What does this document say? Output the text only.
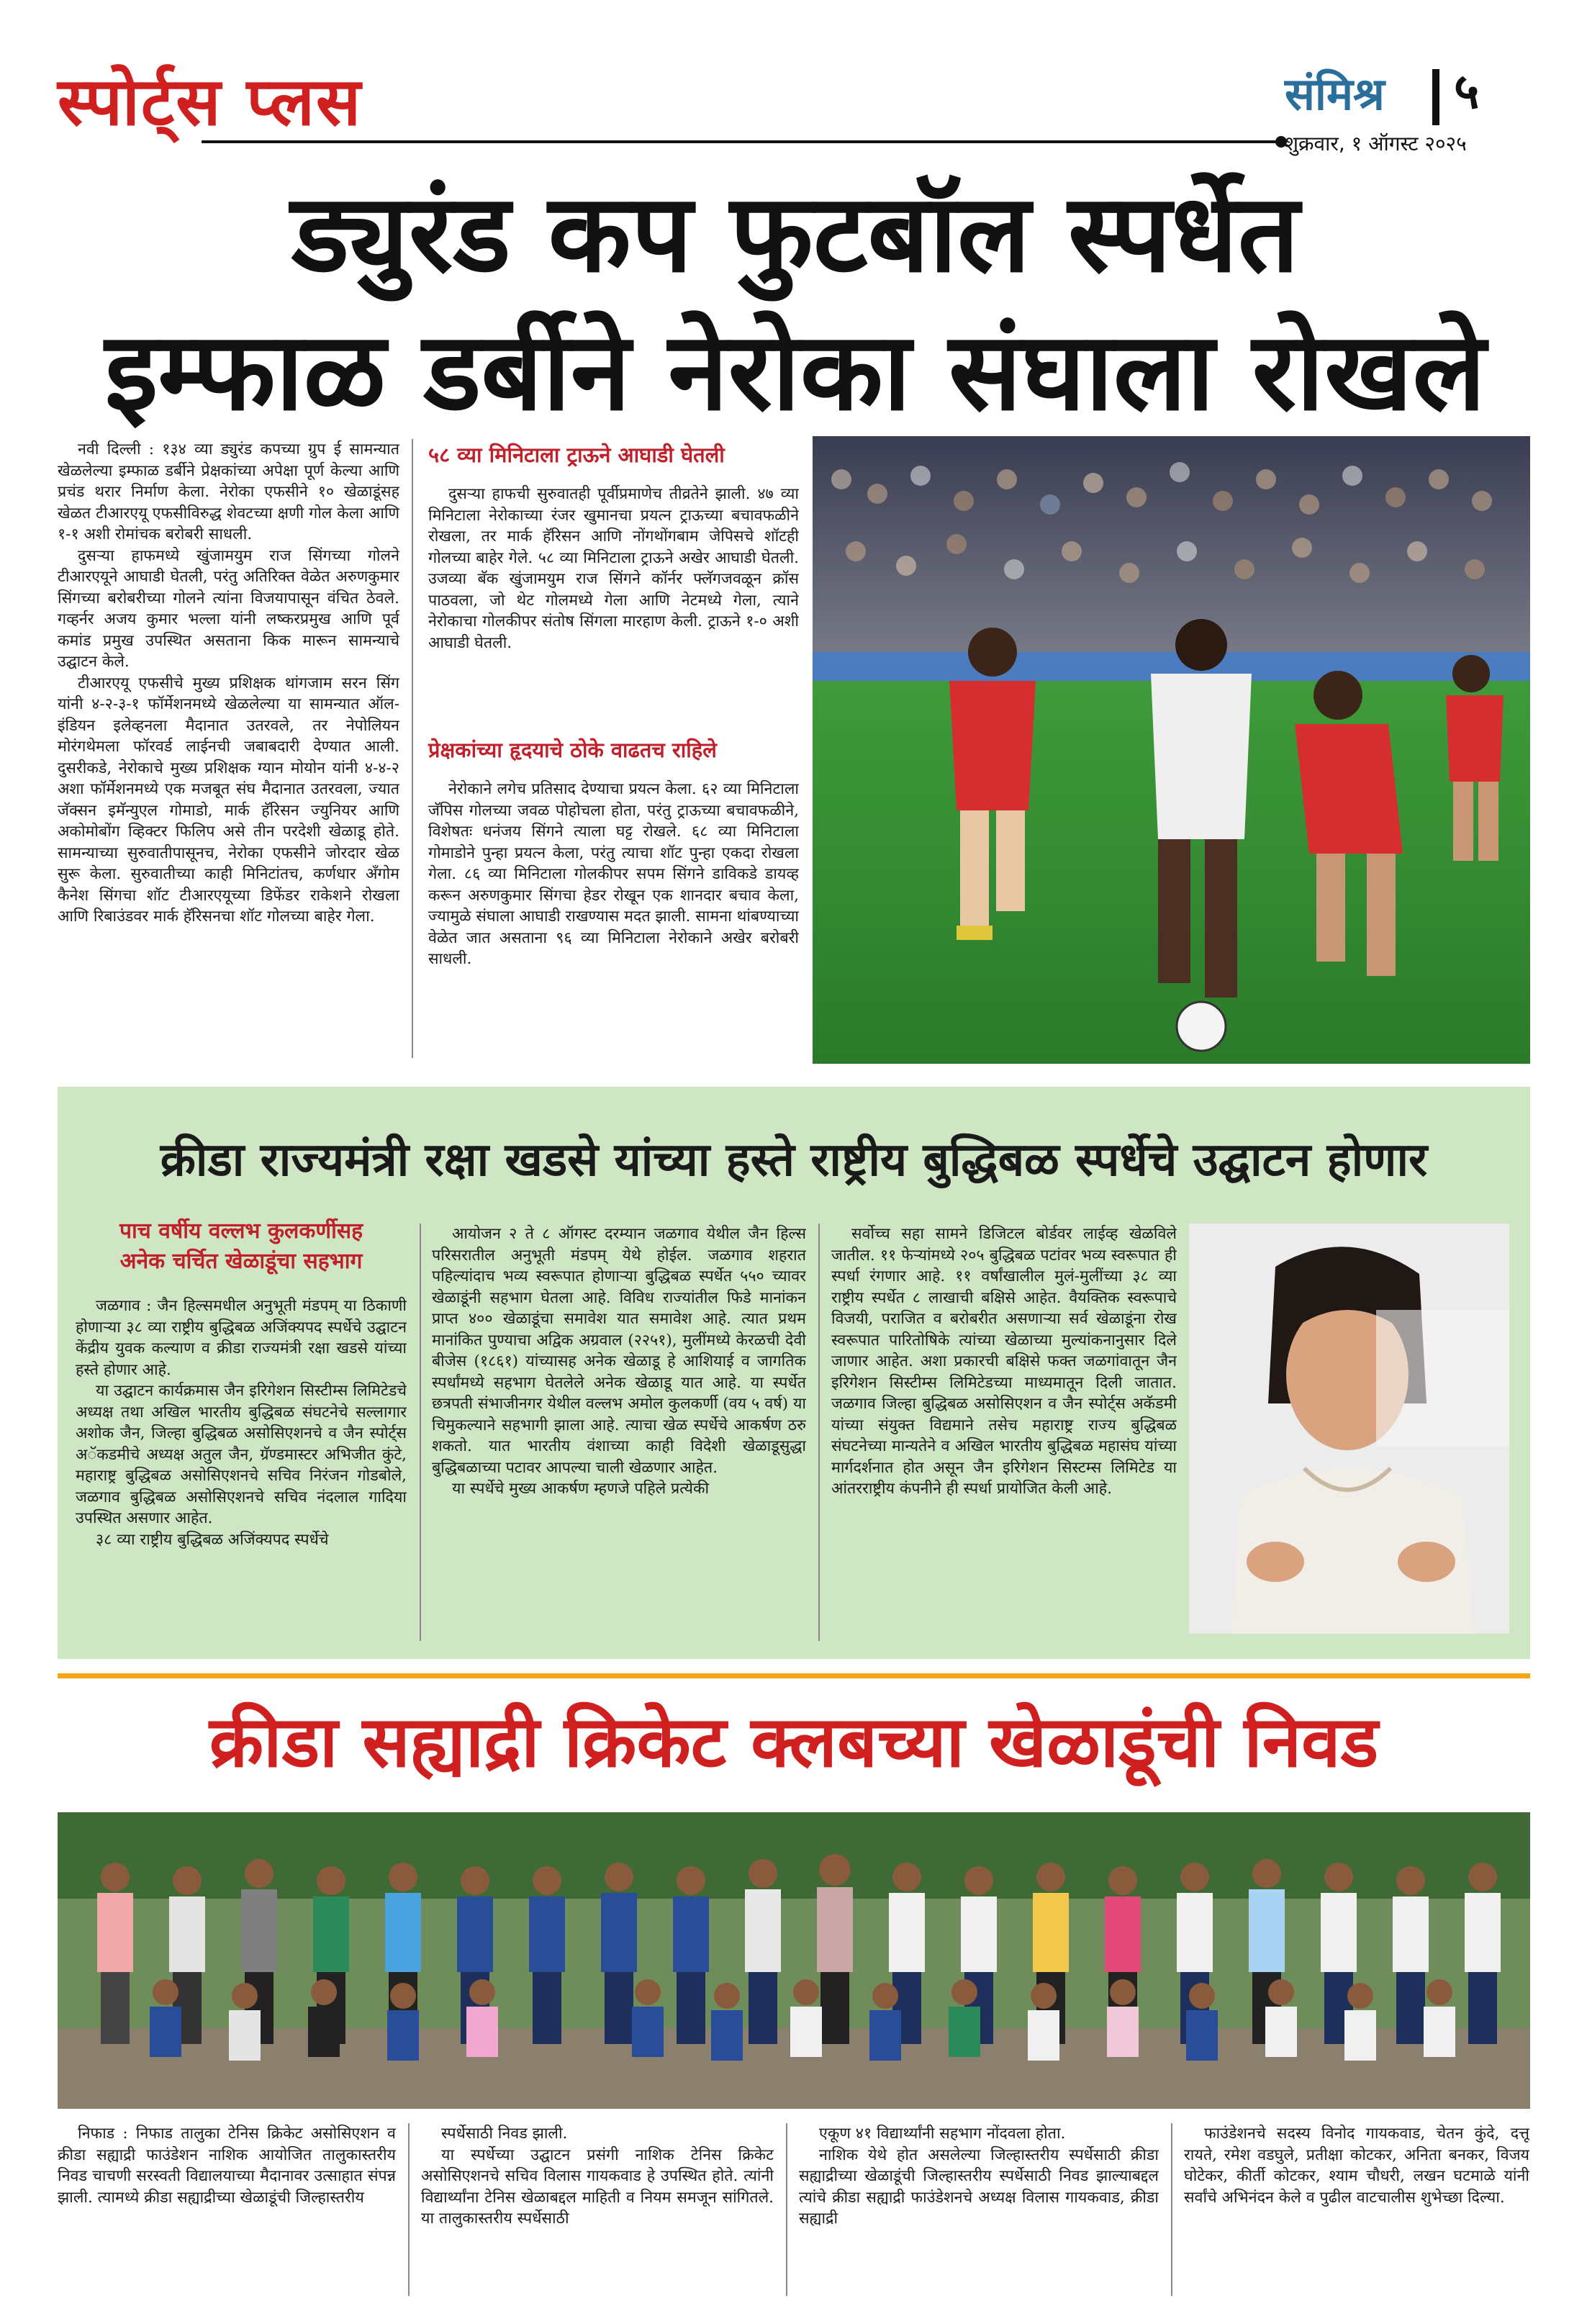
स्पोर्ट्स प्लस	संमिश्र ५
शुक्रवार, १ ऑगस्ट २०२५
ड्युरंड कप फुटबॉल स्पर्धेत
इम्फाळ डर्बीने नेरोका संघाला रोखले

नवी दिल्ली : १३४ व्या ड्युरंड कपच्या ग्रुप ई सामन्यात खेळलेल्या इम्फाळ डर्बीने प्रेक्षकांच्या अपेक्षा पूर्ण केल्या आणि प्रचंड थरार निर्माण केला. नेरोका एफसीने १० खेळाडूंसह खेळत टीआरएयू एफसीविरुद्ध शेवटच्या क्षणी गोल केला आणि १-१ अशी रोमांचक बरोबरी साधली.

दुसऱ्या हाफमध्ये खुंजामयुम राज सिंगच्या गोलने टीआरएयूने आघाडी घेतली, परंतु अतिरिक्त वेळेत अरुणकुमार सिंगच्या बरोबरीच्या गोलने त्यांना विजयापासून वंचित ठेवले. गव्हर्नर अजय कुमार भल्ला यांनी लष्करप्रमुख आणि पूर्व कमांड प्रमुख उपस्थित असताना किक मारून सामन्याचे उद्घाटन केले.

टीआरएयू एफसीचे मुख्य प्रशिक्षक थांगजाम सरन सिंग यांनी ४-२-३-१ फॉर्मेशनमध्ये खेळलेल्या या सामन्यात ऑल-इंडियन इलेव्हनला मैदानात उतरवले, तर नेपोलियन मोरंगथेमला फॉरवर्ड लाईनची जबाबदारी देण्यात आली. दुसरीकडे, नेरोकाचे मुख्य प्रशिक्षक ग्यान मोयोन यांनी ४-४-२ अशा फॉर्मेशनमध्ये एक मजबूत संघ मैदानात उतरवला, ज्यात जॅक्सन इमॅन्युएल गोमाडो, मार्क हॅरिसन ज्युनियर आणि अकोमोबोंग व्हिक्टर फिलिप असे तीन परदेशी खेळाडू होते. सामन्याच्या सुरुवातीपासूनच, नेरोका एफसीने जोरदार खेळ सुरू केला. सुरुवातीच्या काही मिनिटांतच, कर्णधार अँगोम कैनेश सिंगचा शॉट टीआरएयूच्या डिफेंडर राकेशने रोखला आणि रिबाउंडवर मार्क हॅरिसनचा शॉट गोलच्या बाहेर गेला.

५८ व्या मिनिटाला ट्राऊने आघाडी घेतली

दुसऱ्या हाफची सुरुवातही पूर्वीप्रमाणेच तीव्रतेने झाली. ४७ व्या मिनिटाला नेरोकाच्या रंजर खुमानचा प्रयत्न ट्राऊच्या बचावफळीने रोखला, तर मार्क हॅरिसन आणि नोंगथोंगबाम जेपिसचे शॉटही गोलच्या बाहेर गेले. ५८ व्या मिनिटाला ट्राऊने अखेर आघाडी घेतली. उजव्या बॅक खुंजामयुम राज सिंगने कॉर्नर फ्लॅगजवळून क्रॉस पाठवला, जो थेट गोलमध्ये गेला आणि नेटमध्ये गेला, त्याने नेरोकाचा गोलकीपर संतोष सिंगला मारहाण केली. ट्राऊने १-० अशी आघाडी घेतली.

प्रेक्षकांच्या हृदयाचे ठोके वाढतच राहिले

नेरोकाने लगेच प्रतिसाद देण्याचा प्रयत्न केला. ६२ व्या मिनिटाला जॅपिस गोलच्या जवळ पोहोचला होता, परंतु ट्राऊच्या बचावफळीने, विशेषतः धनंजय सिंगने त्याला घट्ट रोखले. ६८ व्या मिनिटाला गोमाडोने पुन्हा प्रयत्न केला, परंतु त्याचा शॉट पुन्हा एकदा रोखला गेला. ८६ व्या मिनिटाला गोलकीपर सपम सिंगने डाविकडे डायव्ह करून अरुणकुमार सिंगचा हेडर रोखून एक शानदार बचाव केला, ज्यामुळे संघाला आघाडी राखण्यास मदत झाली. सामना थांबण्याच्या वेळेत जात असताना ९६ व्या मिनिटाला नेरोकाने अखेर बरोबरी साधली.

क्रीडा राज्यमंत्री रक्षा खडसे यांच्या हस्ते राष्ट्रीय बुद्धिबळ स्पर्धेचे उद्घाटन होणार
पाच वर्षीय वल्लभ कुलकर्णीसह
अनेक चर्चित खेळाडूंचा सहभाग

जळगाव : जैन हिल्समधील अनुभूती मंडपम् या ठिकाणी होणाऱ्या ३८ व्या राष्ट्रीय बुद्धिबळ अजिंक्यपद स्पर्धेचे उद्घाटन केंद्रीय युवक कल्याण व क्रीडा राज्यमंत्री रक्षा खडसे यांच्या हस्ते होणार आहे.

या उद्घाटन कार्यक्रमास जैन इरिगेशन सिस्टीम्स लिमिटेडचे अध्यक्ष तथा अखिल भारतीय बुद्धिबळ संघटनेचे सल्लागार अशोक जैन, जिल्हा बुद्धिबळ असोसिएशनचे व जैन स्पोर्ट्स अॅकडमीचे अध्यक्ष अतुल जैन, ग्रॅण्डमास्टर अभिजीत कुंटे, महाराष्ट्र बुद्धिबळ असोसिएशनचे सचिव निरंजन गोडबोले, जळगाव बुद्धिबळ असोसिएशनचे सचिव नंदलाल गादिया उपस्थित असणार आहेत.

३८ व्या राष्ट्रीय बुद्धिबळ अजिंक्यपद स्पर्धेचे

आयोजन २ ते ८ ऑगस्ट दरम्यान जळगाव येथील जैन हिल्स परिसरातील अनुभूती मंडपम् येथे होईल. जळगाव शहरात पहिल्यांदाच भव्य स्वरूपात होणाऱ्या बुद्धिबळ स्पर्धेत ५५० च्यावर खेळाडूंनी सहभाग घेतला आहे. विविध राज्यांतील फिडे मानांकन प्राप्त ४०० खेळाडूंचा समावेश यात समावेश आहे. त्यात प्रथम मानांकित पुण्याचा अद्विक अग्रवाल (२२५१), मुलींमध्ये केरळची देवी बीजेस (१८६१) यांच्यासह अनेक खेळाडू हे आशियाई व जागतिक स्पर्धांमध्ये सहभाग घेतलेले अनेक खेळाडू यात आहे. या स्पर्धेत छत्रपती संभाजीनगर येथील वल्लभ अमोल कुलकर्णी (वय ५ वर्ष) या चिमुकल्याने सहभागी झाला आहे. त्याचा खेळ स्पर्धेचे आकर्षण ठरु शकतो. यात भारतीय वंशाच्या काही विदेशी खेळाडूसुद्धा बुद्धिबळाच्या पटावर आपल्या चाली खेळणार आहेत.

या स्पर्धेचे मुख्य आकर्षण म्हणजे पहिले प्रत्येकी

सर्वोच्च सहा सामने डिजिटल बोर्डवर लाईव्ह खेळविले जातील. ११ फेऱ्यांमध्ये २०५ बुद्धिबळ पटांवर भव्य स्वरूपात ही स्पर्धा रंगणार आहे. ११ वर्षांखालील मुलं-मुलींच्या ३८ व्या राष्ट्रीय स्पर्धेत ८ लाखाची बक्षिसे आहेत. वैयक्तिक स्वरूपाचे विजयी, पराजित व बरोबरीत असणाऱ्या सर्व खेळाडूंना रोख स्वरूपात पारितोषिके त्यांच्या खेळाच्या मुल्यांकनानुसार दिले जाणार आहेत. अशा प्रकारची बक्षिसे फक्त जळगांवातून जैन इरिगेशन सिस्टीम्स लिमिटेडच्या माध्यमातून दिली जातात. जळगाव जिल्हा बुद्धिबळ असोसिएशन व जैन स्पोर्ट्स अकॅडमी यांच्या संयुक्त विद्यमाने तसेच महाराष्ट्र राज्य बुद्धिबळ संघटनेच्या मान्यतेने व अखिल भारतीय बुद्धिबळ महासंघ यांच्या मार्गदर्शनात होत असून जैन इरिगेशन सिस्टम्स लिमिटेड या आंतरराष्ट्रीय कंपनीने ही स्पर्धा प्रायोजित केली आहे.

क्रीडा सह्याद्री क्रिकेट क्लबच्या खेळाडूंची निवड

निफाड : निफाड तालुका टेनिस क्रिकेट असोसिएशन व क्रीडा सह्याद्री फाउंडेशन नाशिक आयोजित तालुकास्तरीय निवड चाचणी सरस्वती विद्यालयाच्या मैदानावर उत्साहात संपन्न झाली. त्यामध्ये क्रीडा सह्याद्रीच्या खेळाडूंची जिल्हास्तरीय

स्पर्धेसाठी निवड झाली.

या स्पर्धेच्या उद्घाटन प्रसंगी नाशिक टेनिस क्रिकेट असोसिएशनचे सचिव विलास गायकवाड हे उपस्थित होते. त्यांनी विद्यार्थ्यांना टेनिस खेळाबद्दल माहिती व नियम समजून सांगितले. या तालुकास्तरीय स्पर्धेसाठी

एकूण ४१ विद्यार्थ्यांनी सहभाग नोंदवला होता.

नाशिक येथे होत असलेल्या जिल्हास्तरीय स्पर्धेसाठी क्रीडा सह्याद्रीच्या खेळाडूंची जिल्हास्तरीय स्पर्धेसाठी निवड झाल्याबद्दल त्यांचे क्रीडा सह्याद्री फाउंडेशनचे अध्यक्ष विलास गायकवाड, क्रीडा सह्याद्री

फाउंडेशनचे सदस्य विनोद गायकवाड, चेतन कुंदे, दत्तू रायते, रमेश वडघुले, प्रतीक्षा कोटकर, अनिता बनकर, विजय घोटेकर, कीर्ती कोटकर, श्याम चौधरी, लखन घटमाळे यांनी सर्वांचे अभिनंदन केले व पुढील वाटचालीस शुभेच्छा दिल्या.
